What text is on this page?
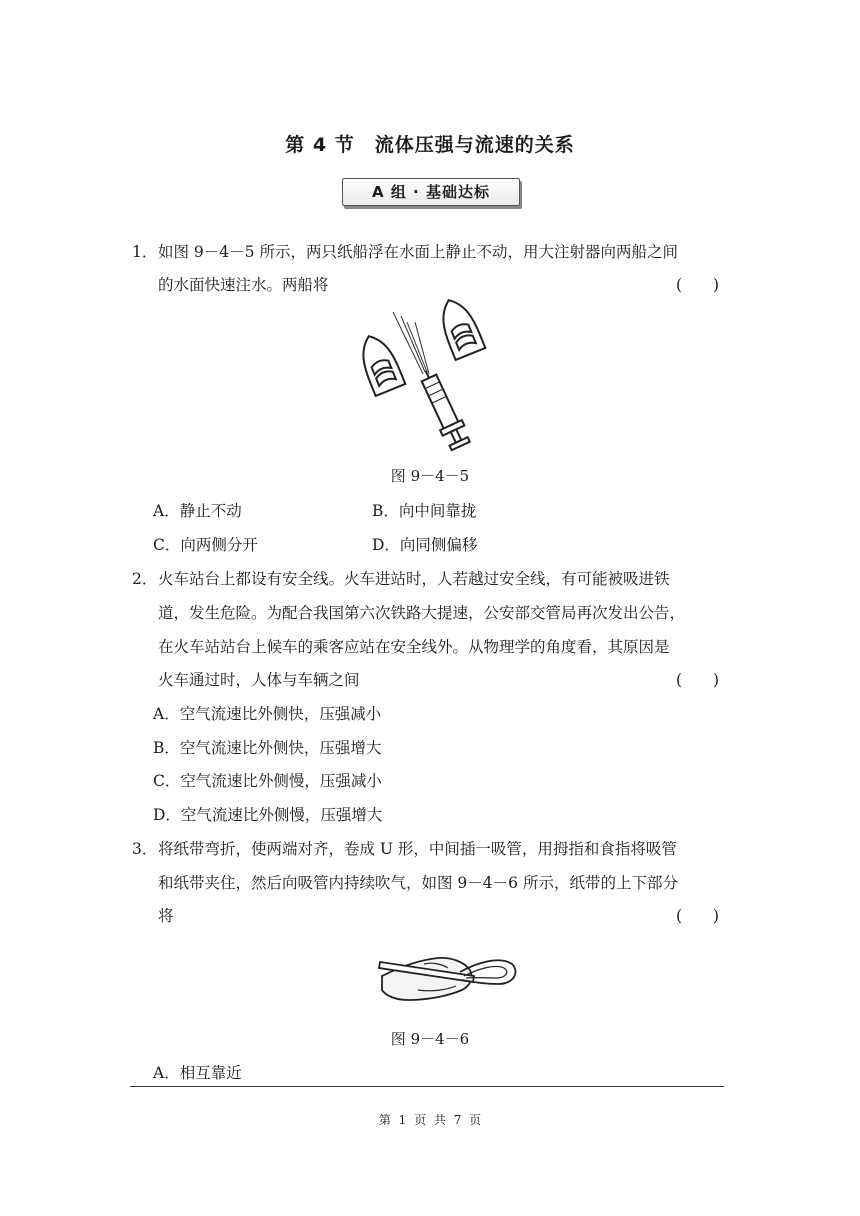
第 4 节　流体压强与流速的关系
A 组 · 基础达标
1． 如图 9－4－5 所示，两只纸船浮在水面上静止不动，用大注射器向两船之间
的水面快速注水。两船将	(　　)
图 9－4－5
A．静止不动	B．向中间靠拢
C．向两侧分开	D．向同侧偏移
2． 火车站台上都设有安全线。火车进站时，人若越过安全线，有可能被吸进铁
道，发生危险。为配合我国第六次铁路大提速，公安部交管局再次发出公告，
在火车站站台上候车的乘客应站在安全线外。从物理学的角度看，其原因是
火车通过时，人体与车辆之间	(　　)
A．空气流速比外侧快，压强减小
B．空气流速比外侧快，压强增大
C．空气流速比外侧慢，压强减小
D．空气流速比外侧慢，压强增大
3． 将纸带弯折，使两端对齐，卷成 U 形，中间插一吸管，用拇指和食指将吸管
和纸带夹住，然后向吸管内持续吹气，如图 9－4－6 所示，纸带的上下部分
将	(　　)
图 9－4－6
A．相互靠近
第 1 页 共 7 页
